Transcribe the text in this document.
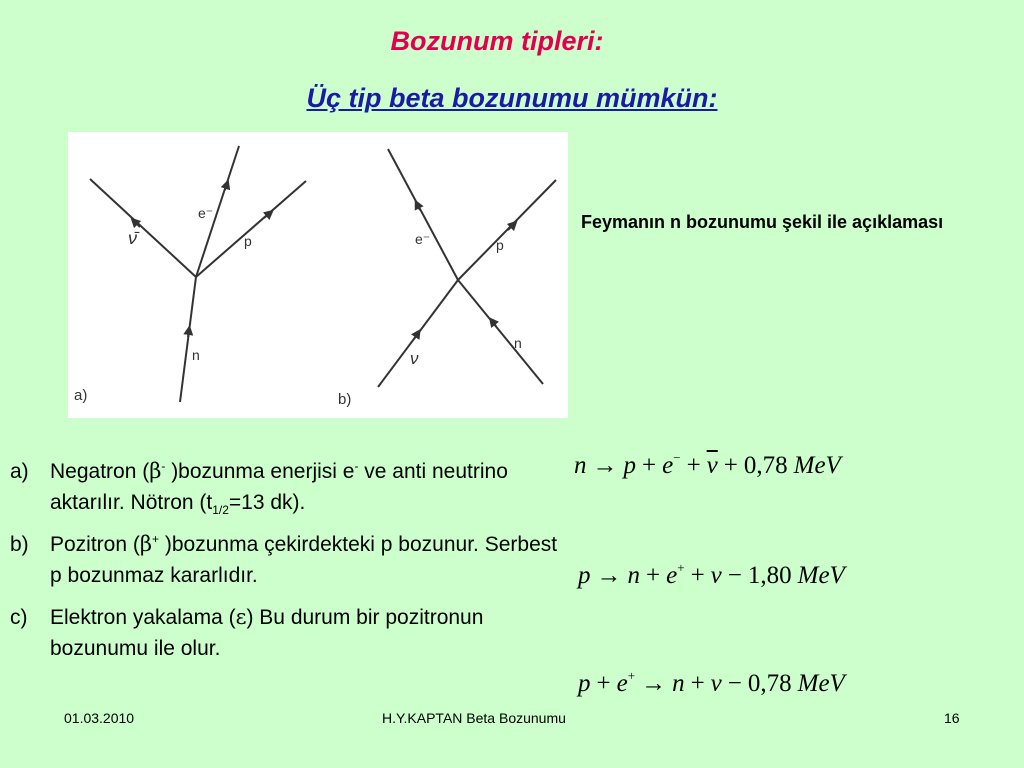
Bozunum tipleri:
Üç tip beta bozunumu mümkün:
ν̄
e⁻
p
n
a)
e⁻	p
ν
n
b)
Feymanın n bozunumu şekil ile açıklaması
a) Negatron (β- )bozunma enerjisi e- ve anti neutrino aktarılır. Nötron ($t_{1/2}=13$ dk).
b) Pozitron (β+ )bozunma çekirdekteki p bozunur. Serbest p bozunmaz kararlıdır.
c) Elektron yakalama (ε) Bu durum bir pozitronun bozunumu ile olur.
$n \to p + e^- + \overline{\nu} + 0,78$ MeV
p → n + e+ + ν − 1,80 MeV
p + e+ → n + ν − 0,78 MeV
01.03.2010	H.Y.KAPTAN Beta Bozunumu	16
